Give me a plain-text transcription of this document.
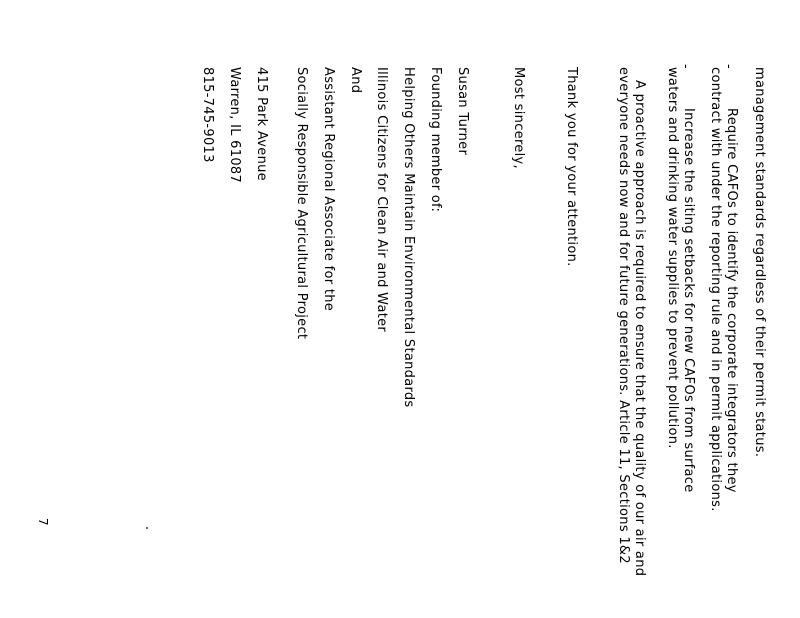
management standards regardless of their permit status.
-
Require CAFOs to identify the corporate integrators they
contract with under the reporting rule and in permit applications.
-
Increase the siting setbacks for new CAFOs from surface
waters and drinking water supplies to prevent pollution.
A proactive approach is required to ensure that the quality of our air and
everyone needs now and for future generations. Article 11, Sections 1&2
Thank you for your attention.
Most sincerely,
Susan Turner
Founding member of:
Helping Others Maintain Environmental Standards
Illinois Citizens for Clean Air and Water
And
Assistant Regional Associate for the
Socially Responsible Agricultural Project
415 Park Avenue
Warren, IL 61087
815-745-9013
7
